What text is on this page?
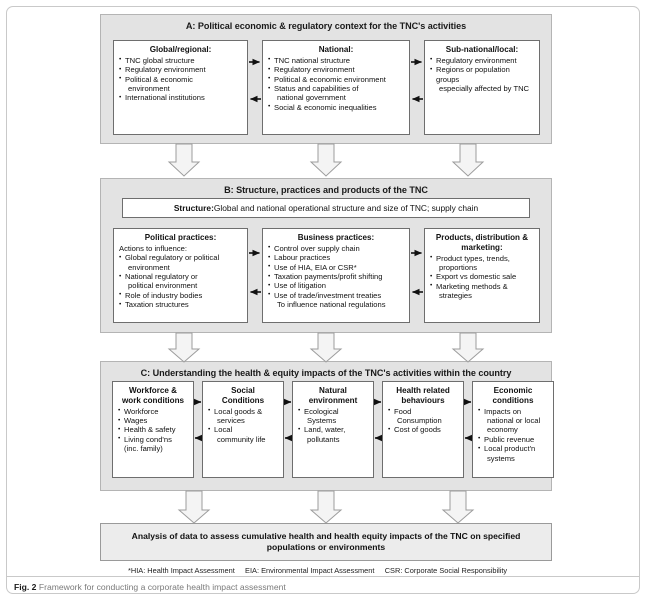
A: Political economic & regulatory context for the TNC's activities
Global/regional:
• TNC global structure
• Regulatory environment
• Political & economic
environment
• International institutions
National:
• TNC national structure
• Regulatory environment
• Political & economic environment
• Status and capabilities of
national government
• Social & economic inequalities
Sub-national/local:
• Regulatory environment
• Regions or population groups
especially affected by TNC
B: Structure, practices and products of the TNC
Structure: Global and national operational structure and size of TNC; supply chain
Political practices:
Actions to influence:
• Global regulatory or political
environment
• National regulatory or
political environment
• Role of industry bodies
• Taxation structures
Business practices:
• Control over supply chain
• Labour practices
• Use of HIA, EIA or CSR*
• Taxation payments/profit shifting
• Use of litigation
• Use of trade/investment treaties
To influence national regulations
Products, distribution &
marketing:
• Product types, trends,
proportions
• Export vs domestic sale
• Marketing methods &
strategies
C: Understanding the health & equity impacts of the TNC's activities within the country
Workforce &
work conditions
• Workforce
• Wages
• Health & safety
• Living cond'ns
(inc. family)
Social
Conditions
• Local goods &
services
• Local
community life
Natural
environment
• Ecological
Systems
• Land, water,
pollutants
Health related
behaviours
• Food
Consumption
• Cost of goods
Economic
conditions
• Impacts on
national or local
economy
• Public revenue
• Local product'n
systems
Analysis of data to assess cumulative health and health equity impacts of the TNC on specified populations or environments
*HIA: Health Impact Assessment     EIA: Environmental Impact Assessment     CSR: Corporate Social Responsibility
Fig. 2 Framework for conducting a corporate health impact assessment
